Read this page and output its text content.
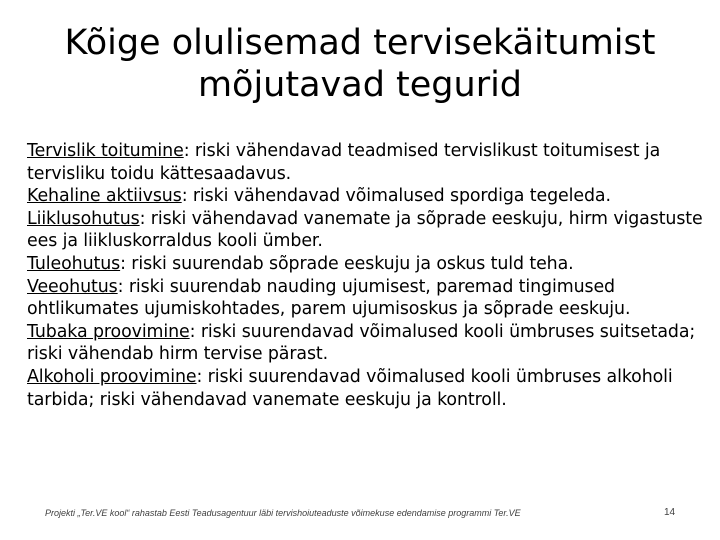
Kõige olulisemad tervisekäitumist
mõjutavad tegurid

Tervislik toitumine: riski vähendavad teadmised tervislikust toitumisest ja tervisliku toidu kättesaadavus.

Kehaline aktiivsus: riski vähendavad võimalused spordiga tegeleda.

Liiklusohutus: riski vähendavad vanemate ja sõprade eeskuju, hirm vigastuste ees ja liikluskorraldus kooli ümber.

Tuleohutus: riski suurendab sõprade eeskuju ja oskus tuld teha.

Veeohutus: riski suurendab nauding ujumisest, paremad tingimused ohtlikumates ujumiskohtades, parem ujumisoskus ja sõprade eeskuju.

Tubaka proovimine: riski suurendavad võimalused kooli ümbruses suitsetada; riski vähendab hirm tervise pärast.

Alkoholi proovimine: riski suurendavad võimalused kooli ümbruses alkoholi tarbida; riski vähendavad vanemate eeskuju ja kontroll.

Projekti „Ter.VE kool“ rahastab Eesti Teadusagentuur läbi tervishoiuteaduste võimekuse edendamise programmi Ter.VE	14
